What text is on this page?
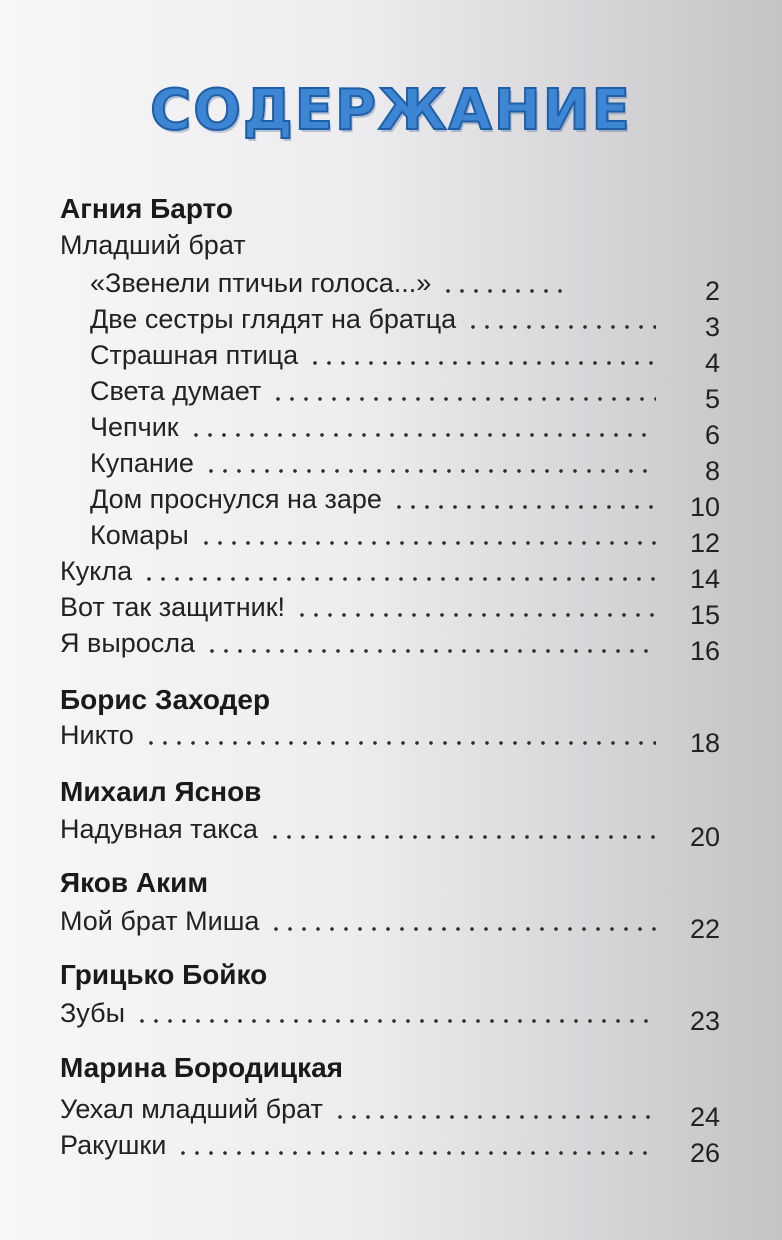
СОДЕРЖАНИЕ
Агния Барто
Младший брат
«Звенели птичьи голоса...»	2
Две сестры глядят на братца	3
Страшная птица	4
Света думает	5
Чепчик	6
Купание	8
Дом проснулся на заре	10
Комары	12
Кукла	14
Вот так защитник!	15
Я выросла	16
Борис Заходер
Никто	18
Михаил Яснов
Надувная такса	20
Яков Аким
Мой брат Миша	22
Грицько Бойко
Зубы	23
Марина Бородицкая
Уехал младший брат	24
Ракушки	26
